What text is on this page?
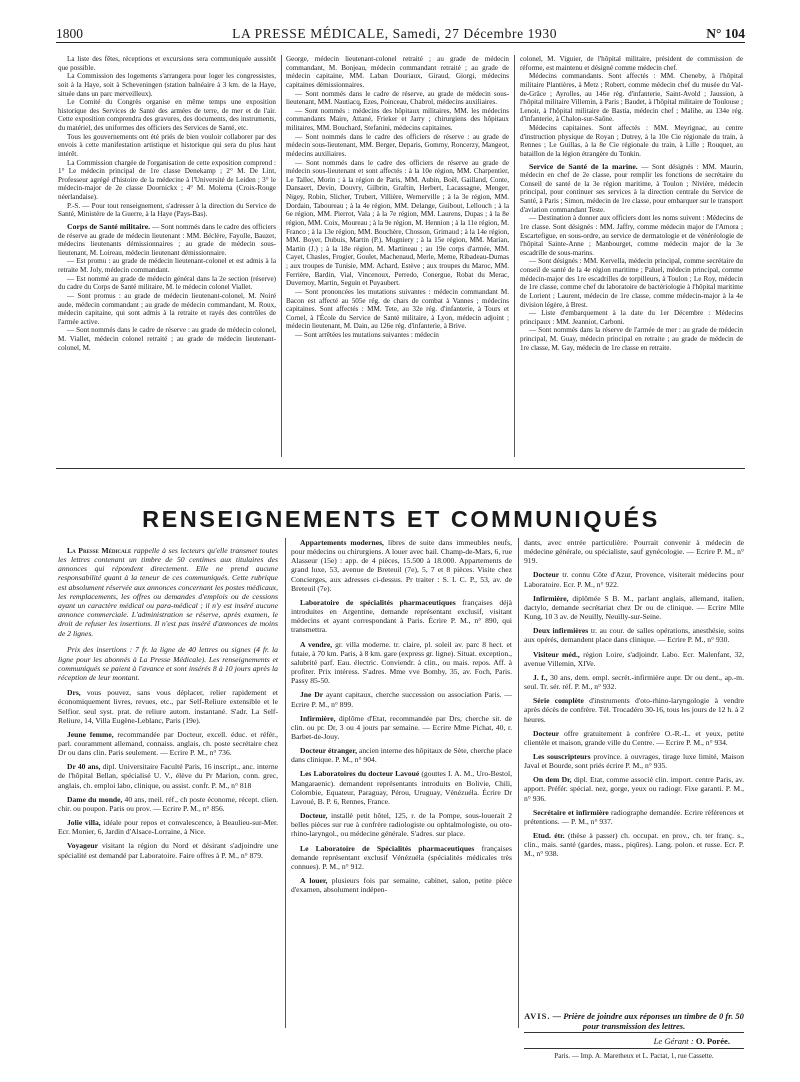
1800	LA PRESSE MÉDICALE, Samedi, 27 Décembre 1930	N° 104

La liste des fêtes, réceptions et excursions sera communiquée aussitôt que possible.

La Commission des logements s'arrangera pour loger les congressistes, soit à la Haye, soit à Scheveningen (station balnéaire à 3 km. de la Haye, située dans un parc merveilleux).

Le Comité du Congrès organise en même temps une exposition historique des Services de Santé des armées de terre, de mer et de l'air. Cette exposition comprendra des gravures, des documents, des instruments, du matériel, des uniformes des officiers des Services de Santé, etc.

Tous les gouvernements ont été priés de bien vouloir collaborer par des envois à cette manifestation artistique et historique qui sera du plus haut intérêt.

La Commission chargée de l'organisation de cette exposition comprend : 1° Le médecin principal de 1re classe Denekamp ; 2° M. De Lint, Professeur agrégé d'histoire de la médecine à l'Université de Leiden ; 3° le médecin-major de 2e classe Doornickx ; 4° M. Molema (Croix-Rouge néerlandaise).

P.-S. — Pour tout renseignement, s'adresser à la direction du Service de Santé, Ministère de la Guerre, à la Haye (Pays-Bas).

Corps de Santé militaire. — Sont nommés dans le cadre des officiers de réserve au grade de médecin lieutenant : MM. Béclère, Fayolle, Bauzet, médecins lieutenants démissionnaires ; au grade de médecin sous-lieutenant, M. Loireau, médecin lieutenant démissionnaire.

— Est promu : au grade de médecin lieutenant-colonel et est admis à la retraite M. Joly, médecin commandant.

— Est nommé au grade de médecin général dans la 2e section (réserve) du cadre du Corps de Santé militaire, M. le médecin colonel Viallet.

— Sont promus : au grade de médecin lieutenant-colonel, M. Noiré aude, médecin commandant ; au grade de médecin commandant, M. Roux, médecin capitaine, qui sont admis à la retraite et rayés des contrôles de l'armée active.

— Sont nommés dans le cadre de réserve : au grade de médecin colonel, M. Viallet, médecin colonel retraité ; au grade de médecin lieutenant-colonel, M.

George, médecin lieutenant-colonel retraité ; au grade de médecin commandant, M. Bonjeau, médecin commandant retraité ; au grade de médecin capitaine, MM. Laban Douriaux, Giraud, Giorgi, médecins capitaines démissionnaires.

— Sont nommés dans le cadre de réserve, au grade de médecin sous-lieutenant, MM. Nautiacq, Ezes, Poinceau, Chabrol, médecins auxiliaires.

— Sont nommés : médecins des hôpitaux militaires, MM. les médecins commandants Maire, Attané, Frieker et Jarry ; chirurgiens des hôpitaux militaires, MM. Bouchard, Stefanini, médecins capitaines.

— Sont nommés dans le cadre des officiers de réserve : au grade de médecin sous-lieutenant, MM. Berger, Deparis, Gommy, Roncerzy, Mangeot, médecins auxiliaires.

— Sont nommés dans le cadre des officiers de réserve au grade de médecin sous-lieutenant et sont affectés : à la 10e région, MM. Charpentier, Le Tallec, Morin ; à la région de Paris, MM. Aubin, Boël, Gailland, Conte, Dansaert, Devin, Douvry, Gilbrin, Graftin, Herbert, Lacassagne, Menger, Nigey, Robin, Slicher, Trubert, Villière, Wernerville ; à la 3e région, MM. Dordain, Taboureau ; à la 4e région, MM. Delange, Guibout, Lellouch ; à la 6e région, MM. Pierrot, Vala ; à la 7e région, MM. Laurens, Dupas ; à la 8e région, MM. Coix, Moureau ; à la 9e région, M. Hennion ; à la 11e région, M. Franco ; à la 13e région, MM. Bouchère, Chosson, Grimaud ; à la 14e région, MM. Boyer, Dubuis, Martin (P.), Mugniery ; à la 15e région, MM. Marian, Martin (J.) ; à la 18e région, M. Martineau ; au 19e corps d'armée, MM. Cayet, Chasles, Frogier, Goulet, Machenaud, Merle, Meme, Ribadeau-Dumas ; aux troupes de Tunisie, MM. Achard, Estève ; aux troupes du Maroc, MM. Ferrière, Bardin, Vial, Vincenoux, Perredo, Conergue, Robat du Merac, Duvernoy, Martin, Seguin et Puyaubert.

— Sont prononcées les mutations suivantes : médecin commandant M. Bacon est affecté au 505e rég. de chars de combat à Vannes ; médecins capitaines. Sont affectés : MM. Tete, au 32e rég. d'infanterie, à Tours et Cornel, à l'École du Service de Santé militaire, à Lyon, médecin adjoint ; médecin lieutenant, M. Dain, au 126e rég. d'infanterie, à Brive.

— Sont arrêtées les mutations suivantes : médecin

colonel, M. Viguier, de l'hôpital militaire, président de commission de réforme, est maintenu et désigné comme médecin chef.

Médecins commandants. Sont affectés : MM. Cheneby, à l'hôpital militaire Plantières, à Metz ; Robert, comme médecin chef du musée du Val-de-Grâce ; Ayrolles, au 146e rég. d'infanterie, Saint-Avold ; Jaussion, à l'hôpital militaire Villemin, à Paris ; Baudet, à l'hôpital militaire de Toulouse ; Lenoir, à l'hôpital militaire de Bastia, médecin chef ; Malihe, au 134e rég. d'infanterie, à Chalon-sur-Saône.

Médecins capitaines. Sont affectés : MM. Meyrignac, au centre d'instruction physique de Royan ; Dutrey, à la 10e Cie régionale du train, à Rennes ; Le Guillas, à la 8e Cie régionale du train, à Lille ; Rouquet, au bataillon de la légion étrangère du Tonkin.

Service de Santé de la marine. — Sont désignés : MM. Maurin, médecin en chef de 2e classe, pour remplir les fonctions de secrétaire du Conseil de santé de la 3e région maritime, à Toulon ; Nivière, médecin principal, pour continuer ses services à la direction centrale du Service de Santé, à Paris ; Simon, médecin de 1re classe, pour embarquer sur le transport d'aviation commandant Teste.

— Destination à donner aux officiers dont les noms suivent : Médecins de 1re classe. Sont désignés : MM. Jaffry, comme médecin major de l'Amora ; Escartefigue, en sous-ordre, au service de dermatologie et de vénéréologie de l'hôpital Sainte-Anne ; Manbourget, comme médecin major de la 3e escadrille de sous-marins.

— Sont désignés : MM. Kervella, médecin principal, comme secrétaire du conseil de santé de la 4e région maritime ; Paluel, médecin principal, comme médecin-major des 1re escadrilles de torpilleurs, à Toulon ; Le Roy, médecin de 1re classe, comme chef du laboratoire de bactériologie à l'hôpital maritime de Lorient ; Laurent, médecin de 1re classe, comme médecin-major à la 4e division légère, à Brest.

— Liste d'embarquement à la date du 1er Décembre : Médecins principaux : MM. Jeanniot, Carboni.

— Sont nommés dans la réserve de l'armée de mer : au grade de médecin principal, M. Guay, médecin principal en retraite ; au grade de médecin de 1re classe, M. Gay, médecin de 1re classe en retraite.

RENSEIGNEMENTS ET COMMUNIQUÉS

La Presse Médicale rappelle à ses lecteurs qu'elle transmet toutes les lettres contenant un timbre de 50 centimes aux titulaires des annonces qui répondent directement. Elle ne prend aucune responsabilité quant à la teneur de ces communiqués. Cette rubrique est absolument réservée aux annonces concernant les postes médicaux, les remplacements, les offres ou demandes d'emplois ou de cessions ayant un caractère médical ou para-médical ; il n'y est inséré aucune annonce commerciale. L'administration se réserve, après examen, le droit de refuser les insertions. Il n'est pas inséré d'annonces de moins de 2 lignes.

Prix des insertions : 7 fr. la ligne de 40 lettres ou signes (4 fr. la ligne pour les abonnés à La Presse Médicale). Les renseignements et communiqués se paient à l'avance et sont insérés 8 à 10 jours après la réception de leur montant.

Drs, vous pouvez, sans vous déplacer, relier rapidement et économiquement livres, revues, etc., par Self-Reliure extensible et le Selfior. seul syst. prat. de reliure autom. instantané. S'adr. La Self-Reliure, 14, Villa Eugène-Leblanc, Paris (19e).

Jeune femme, recommandée par Docteur, excell. éduc. et référ., parl. couramment allemand, connaiss. anglais, ch. poste secrétaire chez Dr ou dans clin. Paris seulement. — Ecrire P. M., n° 736.

Dr 40 ans, dipl. Universitaire Faculté Paris, 16 inscript., anc. interne de l'hôpital Bellan, spécialisé U. V., élève du Pr Marion, conn. grec, anglais, ch. emploi labo, clinique, ou assist. confr. P. M., n° 818

Dame du monde, 40 ans, meil. réf., ch poste économe, récept. clien. chir. ou poupon. Paris ou prov. — Ecrire P. M., n° 856.

Jolie villa, idéale pour repos et convalescence, à Beaulieu-sur-Mer. Ecr. Monier, 6, Jardin d'Alsace-Lorraine, à Nice.

Voyageur visitant la région du Nord et désirant s'adjoindre une spécialité est demandé par Laboratoire. Faire offres à P. M., n° 879.

Appartements modernes, libres de suite dans immeubles neufs, pour médecins ou chirurgiens. A louer avec bail. Champ-de-Mars, 6, rue Alasseur (15e) : app. de 4 pièces, 15.500 à 18.000. Appartements de grand luxe, 53, avenue de Breteuil (7e), 5, 7 et 8 pièces. Visite chez Concierges, aux adresses ci-dessus. Pr traiter : S. I. C. P., 53, av. de Breteuil (7e).

Laboratoire de spécialités pharmaceutiques françaises déjà introduites en Argentine, demande représentant exclusif, visitant médecins et ayant correspondant à Paris. Écrire P. M., n° 890, qui transmettra.

A vendre, gr. villa moderne. tr. claire, pl. soleil av. parc 8 hect. et futaie, à 70 km. Paris, à 8 km. gare (express gr. ligne). Situat. exception., salubrité parf. Eau. électric. Conviendr. à clin., ou mais. repos. Aff. à profiter. Prix intéress. S'adres. Mme vve Bomby, 35, av. Foch, Paris. Passy 85-50.

Jne Dr ayant capitaux, cherche succession ou association Paris. — Ecrire P. M., n° 899.

Infirmière, diplôme d'Etat, recommandée par Drs, cherche sit. de clin. ou pr. Dr, 3 ou 4 jours par semaine. — Ecrire Mme Pichat, 40, r. Barbet-de-Jouy.

Docteur étranger, ancien interne des hôpitaux de Sète, cherche place dans clinique. P. M., n° 904.

Les Laboratoires du docteur Lavoué (gouttes I. A. M., Uro-Bestol, Mangaraenic). demandent représentants introduits en Bolivie, Chili, Colombie, Equateur, Paraguay, Pérou, Uruguay, Vénézuéla. Écrire Dr Lavoué, B. P. 6, Rennes, France.

Docteur, installé petit hôtel, 125, r. de la Pompe, sous-louerait 2 belles pièces sur rue à confrère radiologiste ou ophtalmologiste, ou oto-rhino-laryngol., ou médecine générale. S'adres. sur place.

Le Laboratoire de Spécialités pharmaceutiques françaises demande représentant exclusif Vénézuéla (spécialités médicales très connues). P. M., n° 912.

A louer, plusieurs fois par semaine, cabinet, salon, petite pièce d'examen, absolument indépen-

dants, avec entrée particulière. Pourrait convenir à médecin de médecine générale, ou spécialiste, sauf gynécologie. — Ecrire P. M., n° 919.

Docteur tr. connu Côte d'Azur, Provence, visiterait médecins pour Laboratoire. Ecr. P. M., n° 922.

Infirmière, diplômée S B. M., parlant anglais, allemand, italien, dactylo, demande secrétariat chez Dr ou de clinique. — Ecrire Mlle Kung, 10 3 av. de Neuilly, Neuilly-sur-Seine.

Deux infirmières tr. au cour. de salles opérations, anesthésie, soins aux opérés, demandent place dans clinique. — Ecrire P. M., n° 930.

Visiteur méd., région Loire, s'adjoindr. Labo. Ecr. Malenfant, 32, avenue Villemin, XIVe.

J. f., 30 ans, dem. empl. secrét.-infirmière aupr. Dr ou dent., ap.-m. seul. Tr. sér. réf. P. M., n° 932.

Série complète d'instruments d'oto-rhino-laryngologie à vendre après décès de confrère. Tél. Trocadéro 30-16, tous les jours de 12 h. à 2 heures.

Docteur offre gratuitement à confrère O.-R.-L. et yeux, petite clientèle et maison, grande ville du Centre. — Ecrire P. M., n° 934.

Les souscripteurs province. à ouvrages, tirage luxe limité, Maison Javal et Bourde, sont priés écrire P. M., n° 935.

On dem Dr, dipl. Etat, comme associé clin. import. centre Paris, av. apport. Préfér. spécial. nez, gorge, yeux ou radiogr. Fixe garanti. P. M., n° 936.

Secrétaire et infirmière radiographe demandée. Ecrire références et prétentions. — P. M., n° 937.

Etud. étr. (thèse à passer) ch. occupat. en prov., ch. ter franç. s., clin., mais. santé (gardes, mass., piqûres). Lang. polon. et russe. Ecr. P. M., n° 938.

AVIS. — Prière de joindre aux réponses un timbre de 0 fr. 50 pour transmission des lettres.
Le Gérant : O. Porée.
Paris. — Imp. A. Maretheux et L. Pactat, 1, rue Cassette.
